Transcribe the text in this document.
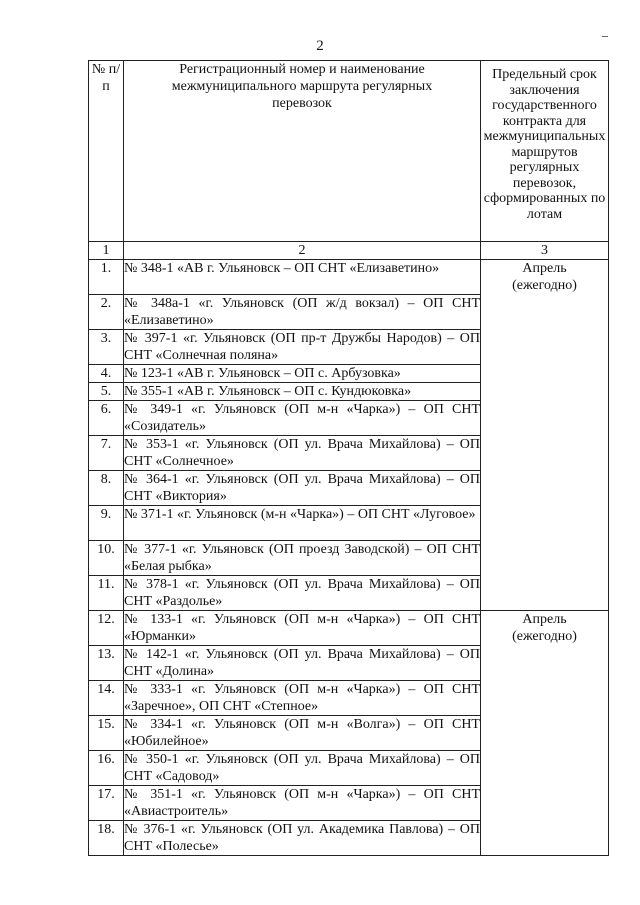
2
№ п/п	Регистрационный номер и наименование межмуниципального маршрута регулярных перевозок	Предельный срок заключения государственного контракта для межмуниципальных маршрутов регулярных перевозок, сформированных по лотам
1	2	3
1.	№ 348-1 «АВ г. Ульяновск – ОП СНТ «Елизаветино»	Апрель (ежегодно)
2.	№ 348а-1 «г. Ульяновск (ОП ж/д вокзал) – ОП СНТ «Елизаветино»	
3.	№ 397-1 «г. Ульяновск (ОП пр-т Дружбы Народов) – ОП СНТ «Солнечная поляна»	
4.	№ 123-1 «АВ г. Ульяновск – ОП с. Арбузовка»	
5.	№ 355-1 «АВ г. Ульяновск – ОП с. Кундюковка»	
6.	№ 349-1 «г. Ульяновск (ОП м-н «Чарка») – ОП СНТ «Созидатель»	
7.	№ 353-1 «г. Ульяновск (ОП ул. Врача Михайлова) – ОП СНТ «Солнечное»	
8.	№ 364-1 «г. Ульяновск (ОП ул. Врача Михайлова) – ОП СНТ «Виктория»	
9.	№ 371-1 «г. Ульяновск (м-н «Чарка») – ОП СНТ «Луговое»	
10.	№ 377-1 «г. Ульяновск (ОП проезд Заводской) – ОП СНТ «Белая рыбка»	
11.	№ 378-1 «г. Ульяновск (ОП ул. Врача Михайлова) – ОП СНТ «Раздолье»	
12.	№ 133-1 «г. Ульяновск (ОП м-н «Чарка») – ОП СНТ «Юрманки»	Апрель (ежегодно)
13.	№ 142-1 «г. Ульяновск (ОП ул. Врача Михайлова) – ОП СНТ «Долина»	
14.	№ 333-1 «г. Ульяновск (ОП м-н «Чарка») – ОП СНТ «Заречное», ОП СНТ «Степное»	
15.	№ 334-1 «г. Ульяновск (ОП м-н «Волга») – ОП СНТ «Юбилейное»	
16.	№ 350-1 «г. Ульяновск (ОП ул. Врача Михайлова) – ОП СНТ «Садовод»	
17.	№ 351-1 «г. Ульяновск (ОП м-н «Чарка») – ОП СНТ «Авиастроитель»	
18.	№ 376-1 «г. Ульяновск (ОП ул. Академика Павлова) – ОП СНТ «Полесье»	
